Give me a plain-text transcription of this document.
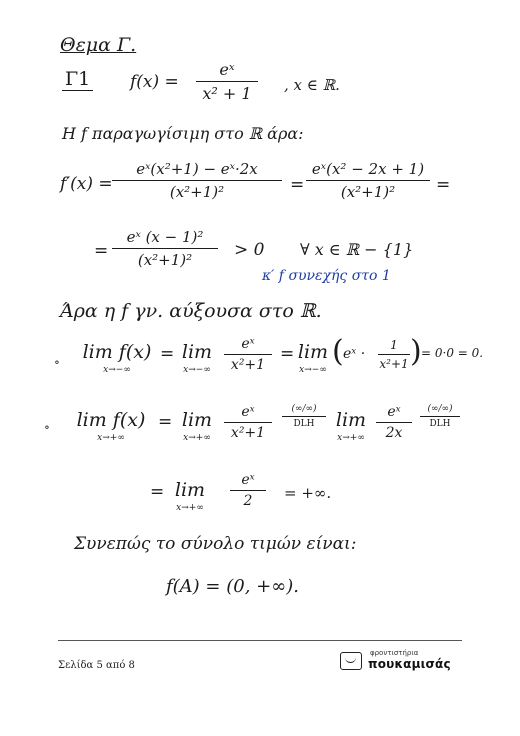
Θεμα Γ.
Γ1 f(x) =
eˣ
x² + 1	, x ∈ ℝ.
Η f παραγωγίσιμη στο ℝ άρα:
f′(x) =
eˣ(x²+1) − eˣ·2x
(x²+1)²	=
eˣ(x² − 2x + 1)
(x²+1)²	=
=
eˣ (x − 1)²
(x²+1)²	> 0 ∀ x ∈ ℝ − {1}
κ′ f συνεχής στο 1
Άρα η f γν. αύξουσα στο ℝ.
∘ lim f(x)
x→−∞
= lim
x→−∞
eˣ
x²+1
= lim
x→−∞
( eˣ ·
1
x²+1 ) = 0·0 = 0.
∘ lim f(x)
x→+∞
= lim
x→+∞
eˣ
x²+1
(∞/∞)
DLH	lim
x→+∞
eˣ
2x
(∞/∞)
DLH
= lim
x→+∞
eˣ
2	= +∞.
Συνεπώς το σύνολο τιμών είναι:
f(A) = (0, +∞).
Σελίδα 5 από 8
φροντιστήρια
πουκαμισάς
